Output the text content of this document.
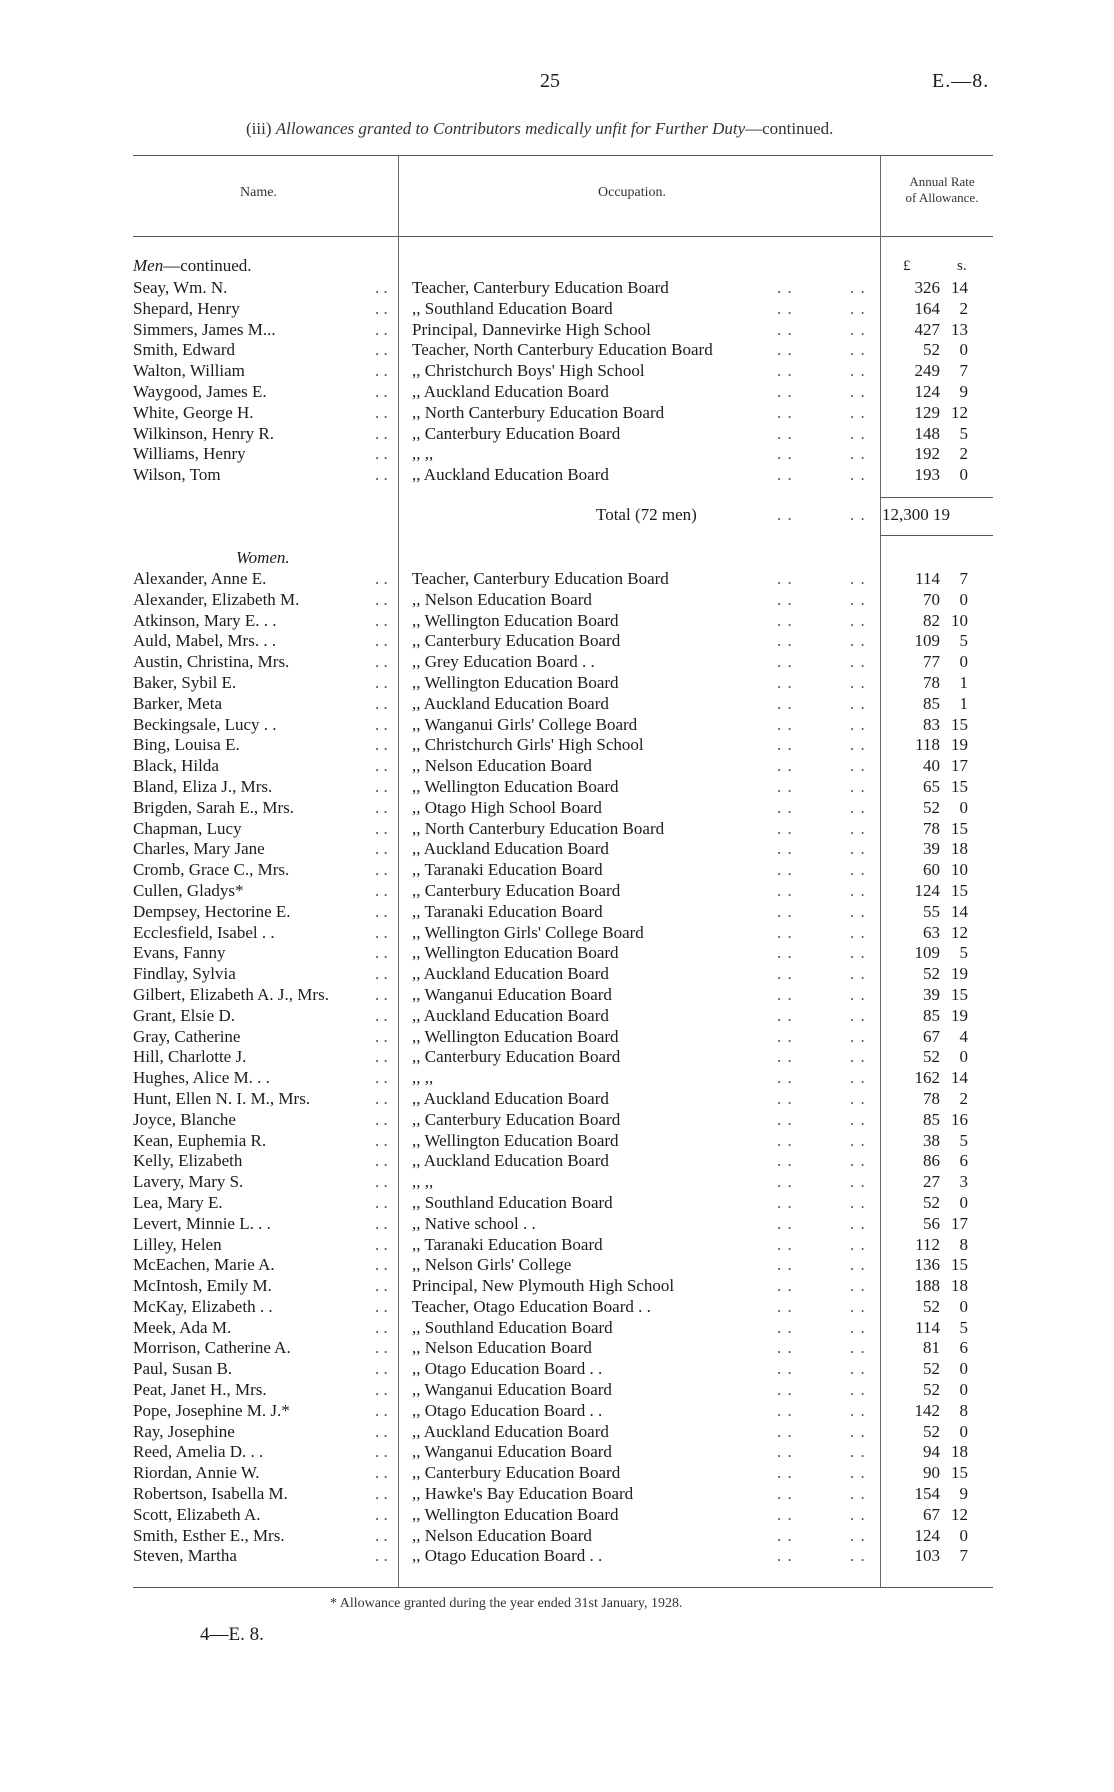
25	E.—8.
(iii) Allowances granted to Contributors medically unfit for Further Duty—continued.
Name.	Occupation.
Annual Rate
of Allowance.
£	s.
Men—continued.
Seay, Wm. N.	. . Teacher, Canterbury Education Board	. .	. .	326 14
Shepard, Henry	. . ,, Southland Education Board	. .	. .	164	2
Simmers, James M...	. . Principal, Dannevirke High School	. .	. .	427 13
Smith, Edward	. . Teacher, North Canterbury Education Board	. .	. .	52	0
Walton, William	. . ,, Christchurch Boys' High School	. .	. .	249	7
Waygood, James E.	. . ,, Auckland Education Board	. .	. .	124	9
White, George H.	. . ,, North Canterbury Education Board	. .	. .	129 12
Wilkinson, Henry R.	. . ,, Canterbury Education Board	. .	. .	148	5
Williams, Henry	. . ,, ,,	. .	. .	192	2
Wilson, Tom	. . ,, Auckland Education Board	. .	. .	193	0
Total (72 men)	. .	. . 12,300 19
Women.
Alexander, Anne E.	. . Teacher, Canterbury Education Board	. .	. .	114	7
Alexander, Elizabeth M.	. . ,, Nelson Education Board	. .	. .	70	0
Atkinson, Mary E. . .	. . ,, Wellington Education Board	. .	. .	82 10
Auld, Mabel, Mrs. . .	. . ,, Canterbury Education Board	. .	. .	109	5
Austin, Christina, Mrs.	. . ,, Grey Education Board . .	. .	. .	77	0
Baker, Sybil E.	. . ,, Wellington Education Board	. .	. .	78	1
Barker, Meta	. . ,, Auckland Education Board	. .	. .	85	1
Beckingsale, Lucy . .	. . ,, Wanganui Girls' College Board	. .	. .	83 15
Bing, Louisa E.	. . ,, Christchurch Girls' High School	. .	. .	118 19
Black, Hilda	. . ,, Nelson Education Board	. .	. .	40 17
Bland, Eliza J., Mrs.	. . ,, Wellington Education Board	. .	. .	65 15
Brigden, Sarah E., Mrs.	. . ,, Otago High School Board	. .	. .	52	0
Chapman, Lucy	. . ,, North Canterbury Education Board	. .	. .	78 15
Charles, Mary Jane	. . ,, Auckland Education Board	. .	. .	39 18
Cromb, Grace C., Mrs.	. . ,, Taranaki Education Board	. .	. .	60 10
Cullen, Gladys*	. . ,, Canterbury Education Board	. .	. .	124 15
Dempsey, Hectorine E.	. . ,, Taranaki Education Board	. .	. .	55 14
Ecclesfield, Isabel . .	. . ,, Wellington Girls' College Board	. .	. .	63 12
Evans, Fanny	. . ,, Wellington Education Board	. .	. .	109	5
Findlay, Sylvia	. . ,, Auckland Education Board	. .	. .	52 19
Gilbert, Elizabeth A. J., Mrs.	. . ,, Wanganui Education Board	. .	. .	39 15
Grant, Elsie D.	. . ,, Auckland Education Board	. .	. .	85 19
Gray, Catherine	. . ,, Wellington Education Board	. .	. .	67	4
Hill, Charlotte J.	. . ,, Canterbury Education Board	. .	. .	52	0
Hughes, Alice M. . .	. . ,, ,,	. .	. .	162 14
Hunt, Ellen N. I. M., Mrs.	. . ,, Auckland Education Board	. .	. .	78	2
Joyce, Blanche	. . ,, Canterbury Education Board	. .	. .	85 16
Kean, Euphemia R.	. . ,, Wellington Education Board	. .	. .	38	5
Kelly, Elizabeth	. . ,, Auckland Education Board	. .	. .	86	6
Lavery, Mary S.	. . ,, ,,	. .	. .	27	3
Lea, Mary E.	. . ,, Southland Education Board	. .	. .	52	0
Levert, Minnie L. . .	. . ,, Native school . .	. .	. .	56 17
Lilley, Helen	. . ,, Taranaki Education Board	. .	. .	112	8
McEachen, Marie A.	. . ,, Nelson Girls' College	. .	. .	136 15
McIntosh, Emily M.	. . Principal, New Plymouth High School	. .	. .	188 18
McKay, Elizabeth . .	. . Teacher, Otago Education Board . .	. .	. .	52	0
Meek, Ada M.	. . ,, Southland Education Board	. .	. .	114	5
Morrison, Catherine A.	. . ,, Nelson Education Board	. .	. .	81	6
Paul, Susan B.	. . ,, Otago Education Board . .	. .	. .	52	0
Peat, Janet H., Mrs.	. . ,, Wanganui Education Board	. .	. .	52	0
Pope, Josephine M. J.*	. . ,, Otago Education Board . .	. .	. .	142	8
Ray, Josephine	. . ,, Auckland Education Board	. .	. .	52	0
Reed, Amelia D. . .	. . ,, Wanganui Education Board	. .	. .	94 18
Riordan, Annie W.	. . ,, Canterbury Education Board	. .	. .	90 15
Robertson, Isabella M.	. . ,, Hawke's Bay Education Board	. .	. .	154	9
Scott, Elizabeth A.	. . ,, Wellington Education Board	. .	. .	67 12
Smith, Esther E., Mrs.	. . ,, Nelson Education Board	. .	. .	124	0
Steven, Martha	. . ,, Otago Education Board . .	. .	. .	103	7
* Allowance granted during the year ended 31st January, 1928.
4—E. 8.
